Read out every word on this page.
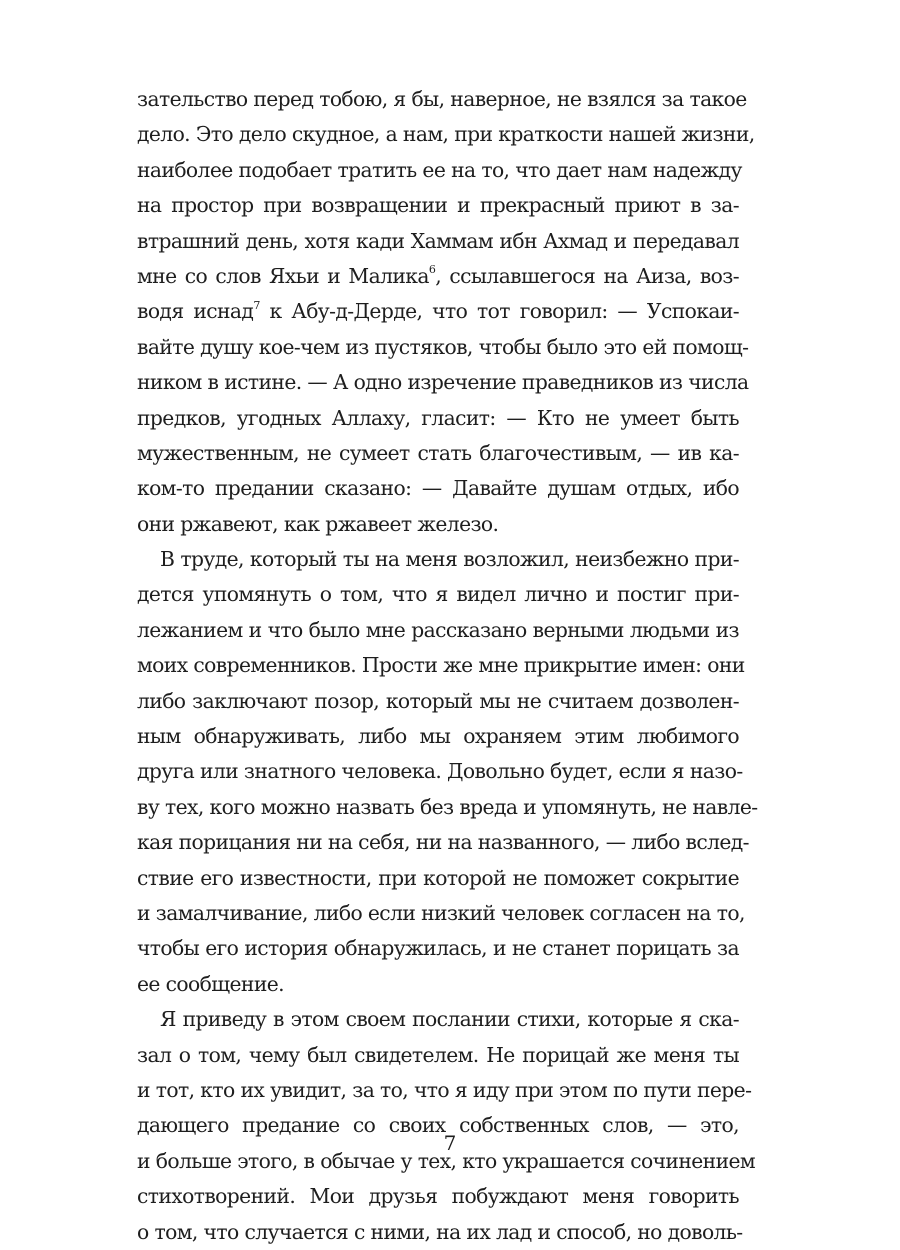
зательство перед тобою, я бы, наверное, не взялся за такое
дело. Это дело скудное, а нам, при краткости нашей жизни,
наиболее подобает тратить ее на то, что дает нам надежду
на простор при возвращении и прекрасный приют в за-
втрашний день, хотя кади Хаммам ибн Ахмад и передавал
мне со слов Яхьи и Малика$^6$, ссылавшегося на Аиза, воз-
водя иснад$^7$ к Абу-д-Дерде, что тот говорил: — Успокаи-
вайте душу кое-чем из пустяков, чтобы было это ей помощ-
ником в истине. — А одно изречение праведников из числа
предков, угодных Аллаху, гласит: — Кто не умеет быть
мужественным, не сумеет стать благочестивым, — ив ка-
ком-то предании сказано: — Давайте душам отдых, ибо
они ржавеют, как ржавеет железо.
В труде, который ты на меня возложил, неизбежно при-
дется упомянуть о том, что я видел лично и постиг при-
лежанием и что было мне рассказано верными людьми из
моих современников. Прости же мне прикрытие имен: они
либо заключают позор, который мы не считаем дозволен-
ным обнаруживать, либо мы охраняем этим любимого
друга или знатного человека. Довольно будет, если я назо-
ву тех, кого можно назвать без вреда и упомянуть, не навле-
кая порицания ни на себя, ни на названного, — либо вслед-
ствие его известности, при которой не поможет сокрытие
и замалчивание, либо если низкий человек согласен на то,
чтобы его история обнаружилась, и не станет порицать за
ее сообщение.
Я приведу в этом своем послании стихи, которые я ска-
зал о том, чему был свидетелем. Не порицай же меня ты
и тот, кто их увидит, за то, что я иду при этом по пути пере-
дающего предание со своих собственных слов, — это,
и больше этого, в обычае у тех, кто украшается сочинением
стихотворений. Мои друзья побуждают меня говорить
о том, что случается с ними, на их лад и способ, но доволь-
7
